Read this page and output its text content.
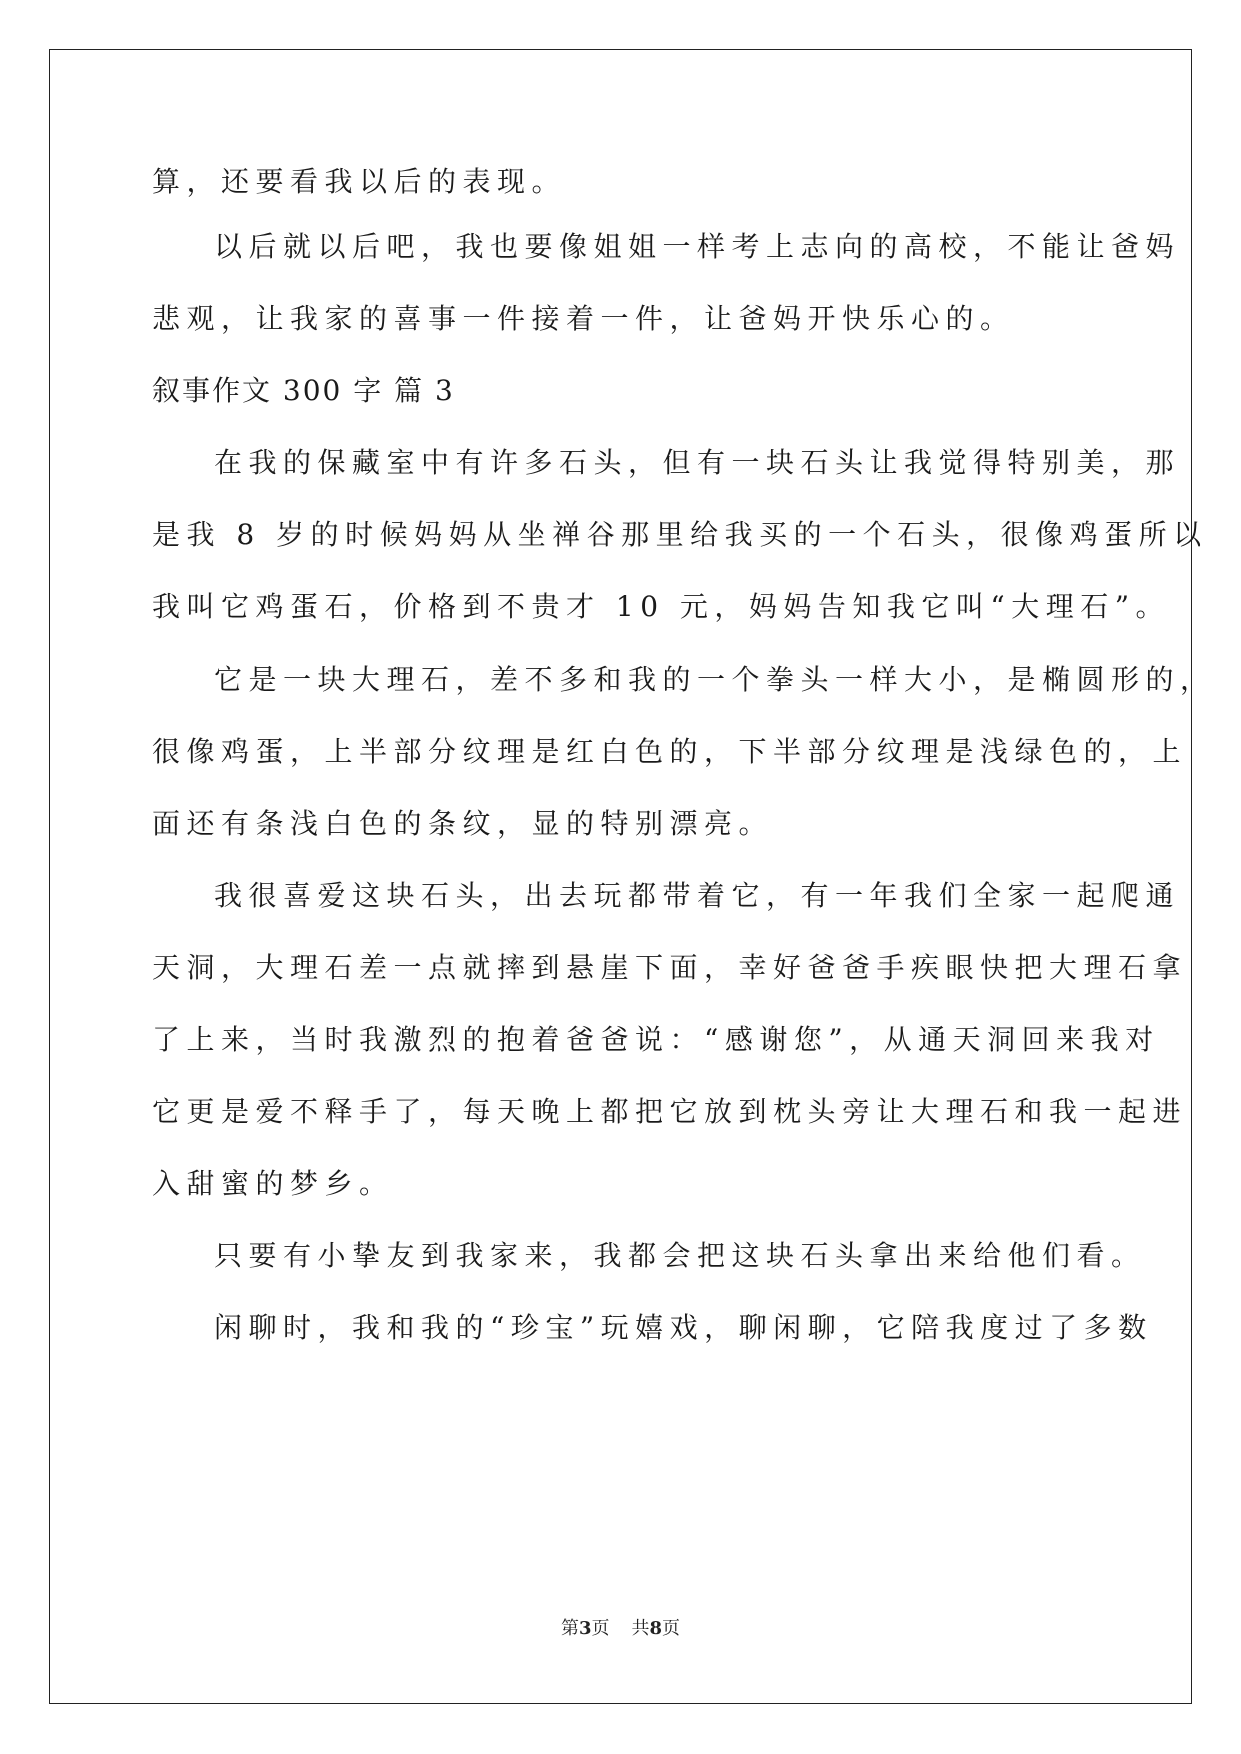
算，还要看我以后的表现。
以后就以后吧，我也要像姐姐一样考上志向的高校，不能让爸妈
悲观，让我家的喜事一件接着一件，让爸妈开快乐心的。
叙事作文 300 字 篇 3
在我的保藏室中有许多石头，但有一块石头让我觉得特别美，那
是我 8 岁的时候妈妈从坐禅谷那里给我买的一个石头，很像鸡蛋所以
我叫它鸡蛋石，价格到不贵才 10 元，妈妈告知我它叫“大理石”。
它是一块大理石，差不多和我的一个拳头一样大小，是椭圆形的，
很像鸡蛋，上半部分纹理是红白色的，下半部分纹理是浅绿色的，上
面还有条浅白色的条纹，显的特别漂亮。
我很喜爱这块石头，出去玩都带着它，有一年我们全家一起爬通
天洞，大理石差一点就摔到悬崖下面，幸好爸爸手疾眼快把大理石拿
了上来，当时我激烈的抱着爸爸说：“感谢您”，从通天洞回来我对
它更是爱不释手了，每天晚上都把它放到枕头旁让大理石和我一起进
入甜蜜的梦乡。
只要有小挚友到我家来，我都会把这块石头拿出来给他们看。
闲聊时，我和我的“珍宝”玩嬉戏，聊闲聊，它陪我度过了多数
第3页 共8页
